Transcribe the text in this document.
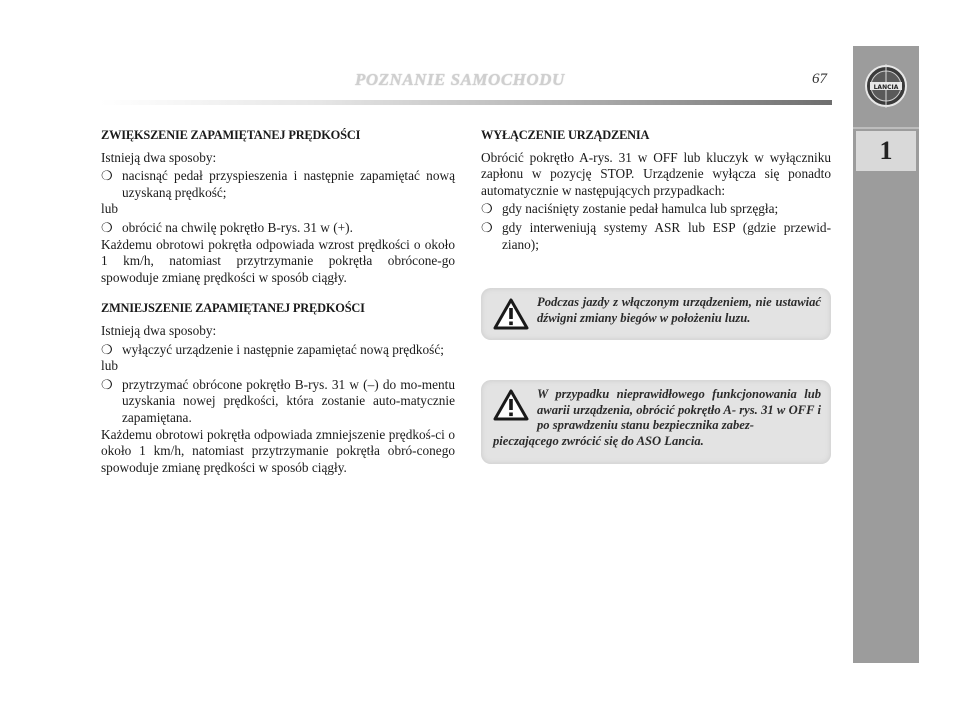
POZNANIE SAMOCHODU	67
LANCIA
1

ZWIĘKSZENIE ZAPAMIĘTANEJ PRĘDKOŚCI

Istnieją dwa sposoby:

❍ nacisnąć pedał przyspieszenia i następnie zapamiętać nową uzyskaną prędkość;

lub

❍ obrócić na chwilę pokrętło B-rys. 31 w (+).

Każdemu obrotowi pokrętła odpowiada wzrost prędkości o około 1 km/h, natomiast przytrzymanie pokrętła obrócone-go spowoduje zmianę prędkości w sposób ciągły.

ZMNIEJSZENIE ZAPAMIĘTANEJ PRĘDKOŚCI

Istnieją dwa sposoby:

❍ wyłączyć urządzenie i następnie zapamiętać nową prędkość;

lub

❍ przytrzymać obrócone pokrętło B-rys. 31 w (–) do mo-mentu uzyskania nowej prędkości, która zostanie auto-matycznie zapamiętana.

Każdemu obrotowi pokrętła odpowiada zmniejszenie prędkoś-ci o około 1 km/h, natomiast przytrzymanie pokrętła obró-conego spowoduje zmianę prędkości w sposób ciągły.

WYŁĄCZENIE URZĄDZENIA

Obrócić pokrętło A-rys. 31 w OFF lub kluczyk w wyłączniku zapłonu w pozycję STOP. Urządzenie wyłącza się ponadto automatycznie w następujących przypadkach:

❍ gdy naciśnięty zostanie pedał hamulca lub sprzęgła;
❍ gdy interweniują systemy ASR lub ESP (gdzie przewid-ziano);
Podczas jazdy z włączonym urządzeniem, nie ustawiać dźwigni zmiany biegów w położeniu luzu.
W przypadku nieprawidłowego funkcjonowania lub awarii urządzenia, obrócić pokrętło A- rys. 31 w OFF i po sprawdzeniu stanu bezpiecznika zabez-
pieczającego zwrócić się do ASO Lancia.
